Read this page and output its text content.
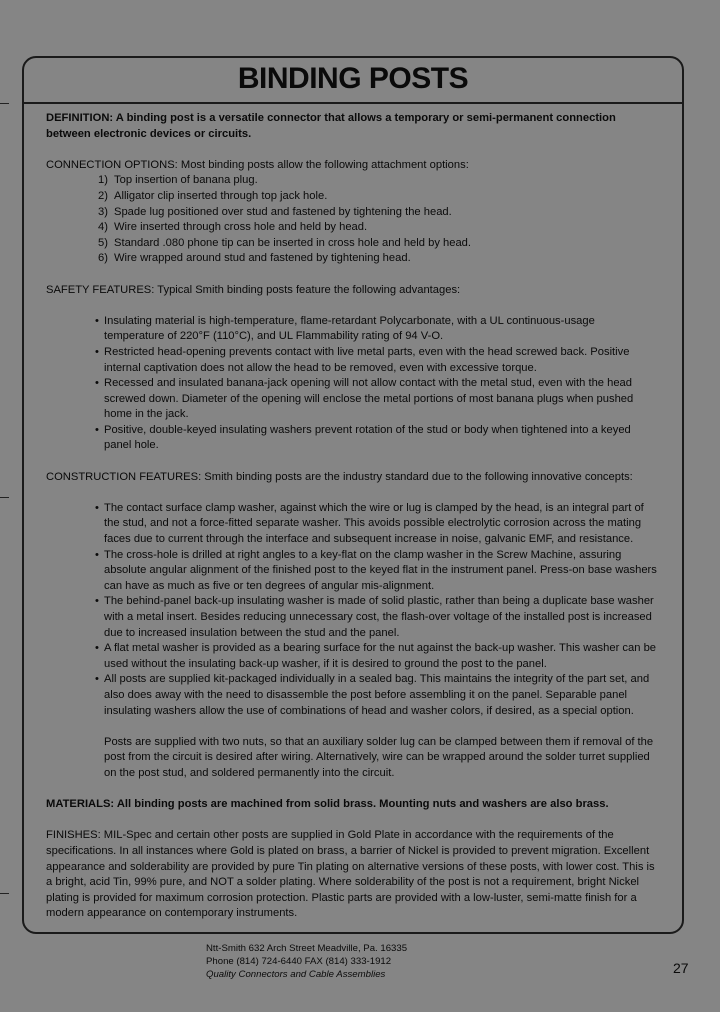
BINDING POSTS

DEFINITION: A binding post is a versatile connector that allows a temporary or semi-permanent connection between electronic devices or circuits.

CONNECTION OPTIONS: Most binding posts allow the following attachment options:

1) Top insertion of banana plug.
2) Alligator clip inserted through top jack hole.
3) Spade lug positioned over stud and fastened by tightening the head.
4) Wire inserted through cross hole and held by head.
5) Standard .080 phone tip can be inserted in cross hole and held by head.
6) Wire wrapped around stud and fastened by tightening head.

SAFETY FEATURES: Typical Smith binding posts feature the following advantages:

• Insulating material is high-temperature, flame-retardant Polycarbonate, with a UL continuous-usage temperature of 220°F (110°C), and UL Flammability rating of 94 V-O.
• Restricted head-opening prevents contact with live metal parts, even with the head screwed back. Positive internal captivation does not allow the head to be removed, even with excessive torque.
• Recessed and insulated banana-jack opening will not allow contact with the metal stud, even with the head screwed down. Diameter of the opening will enclose the metal portions of most banana plugs when pushed home in the jack.
• Positive, double-keyed insulating washers prevent rotation of the stud or body when tightened into a keyed panel hole.

CONSTRUCTION FEATURES: Smith binding posts are the industry standard due to the following innovative concepts:

• The contact surface clamp washer, against which the wire or lug is clamped by the head, is an integral part of the stud, and not a force-fitted separate washer. This avoids possible electrolytic corrosion across the mating faces due to current through the interface and subsequent increase in noise, galvanic EMF, and resistance.
• The cross-hole is drilled at right angles to a key-flat on the clamp washer in the Screw Machine, assuring absolute angular alignment of the finished post to the keyed flat in the instrument panel. Press-on base washers can have as much as five or ten degrees of angular mis-alignment.
• The behind-panel back-up insulating washer is made of solid plastic, rather than being a duplicate base washer with a metal insert. Besides reducing unnecessary cost, the flash-over voltage of the installed post is increased due to increased insulation between the stud and the panel.
• A flat metal washer is provided as a bearing surface for the nut against the back-up washer. This washer can be used without the insulating back-up washer, if it is desired to ground the post to the panel.
• All posts are supplied kit-packaged individually in a sealed bag. This maintains the integrity of the part set, and also does away with the need to disassemble the post before assembling it on the panel. Separable panel insulating washers allow the use of combinations of head and washer colors, if desired, as a special option.

Posts are supplied with two nuts, so that an auxiliary solder lug can be clamped between them if removal of the post from the circuit is desired after wiring. Alternatively, wire can be wrapped around the solder turret supplied on the post stud, and soldered permanently into the circuit.

MATERIALS: All binding posts are machined from solid brass. Mounting nuts and washers are also brass.

FINISHES: MIL-Spec and certain other posts are supplied in Gold Plate in accordance with the requirements of the specifications. In all instances where Gold is plated on brass, a barrier of Nickel is provided to prevent migration. Excellent appearance and solderability are provided by pure Tin plating on alternative versions of these posts, with lower cost. This is a bright, acid Tin, 99% pure, and NOT a solder plating. Where solderability of the post is not a requirement, bright Nickel plating is provided for maximum corrosion protection. Plastic parts are provided with a low-luster, semi-matte finish for a modern appearance on contemporary instruments.

Ntt-Smith 632 Arch Street Meadville, Pa. 16335
Phone (814) 724-6440 FAX (814) 333-1912
Quality Connectors and Cable Assemblies	27
